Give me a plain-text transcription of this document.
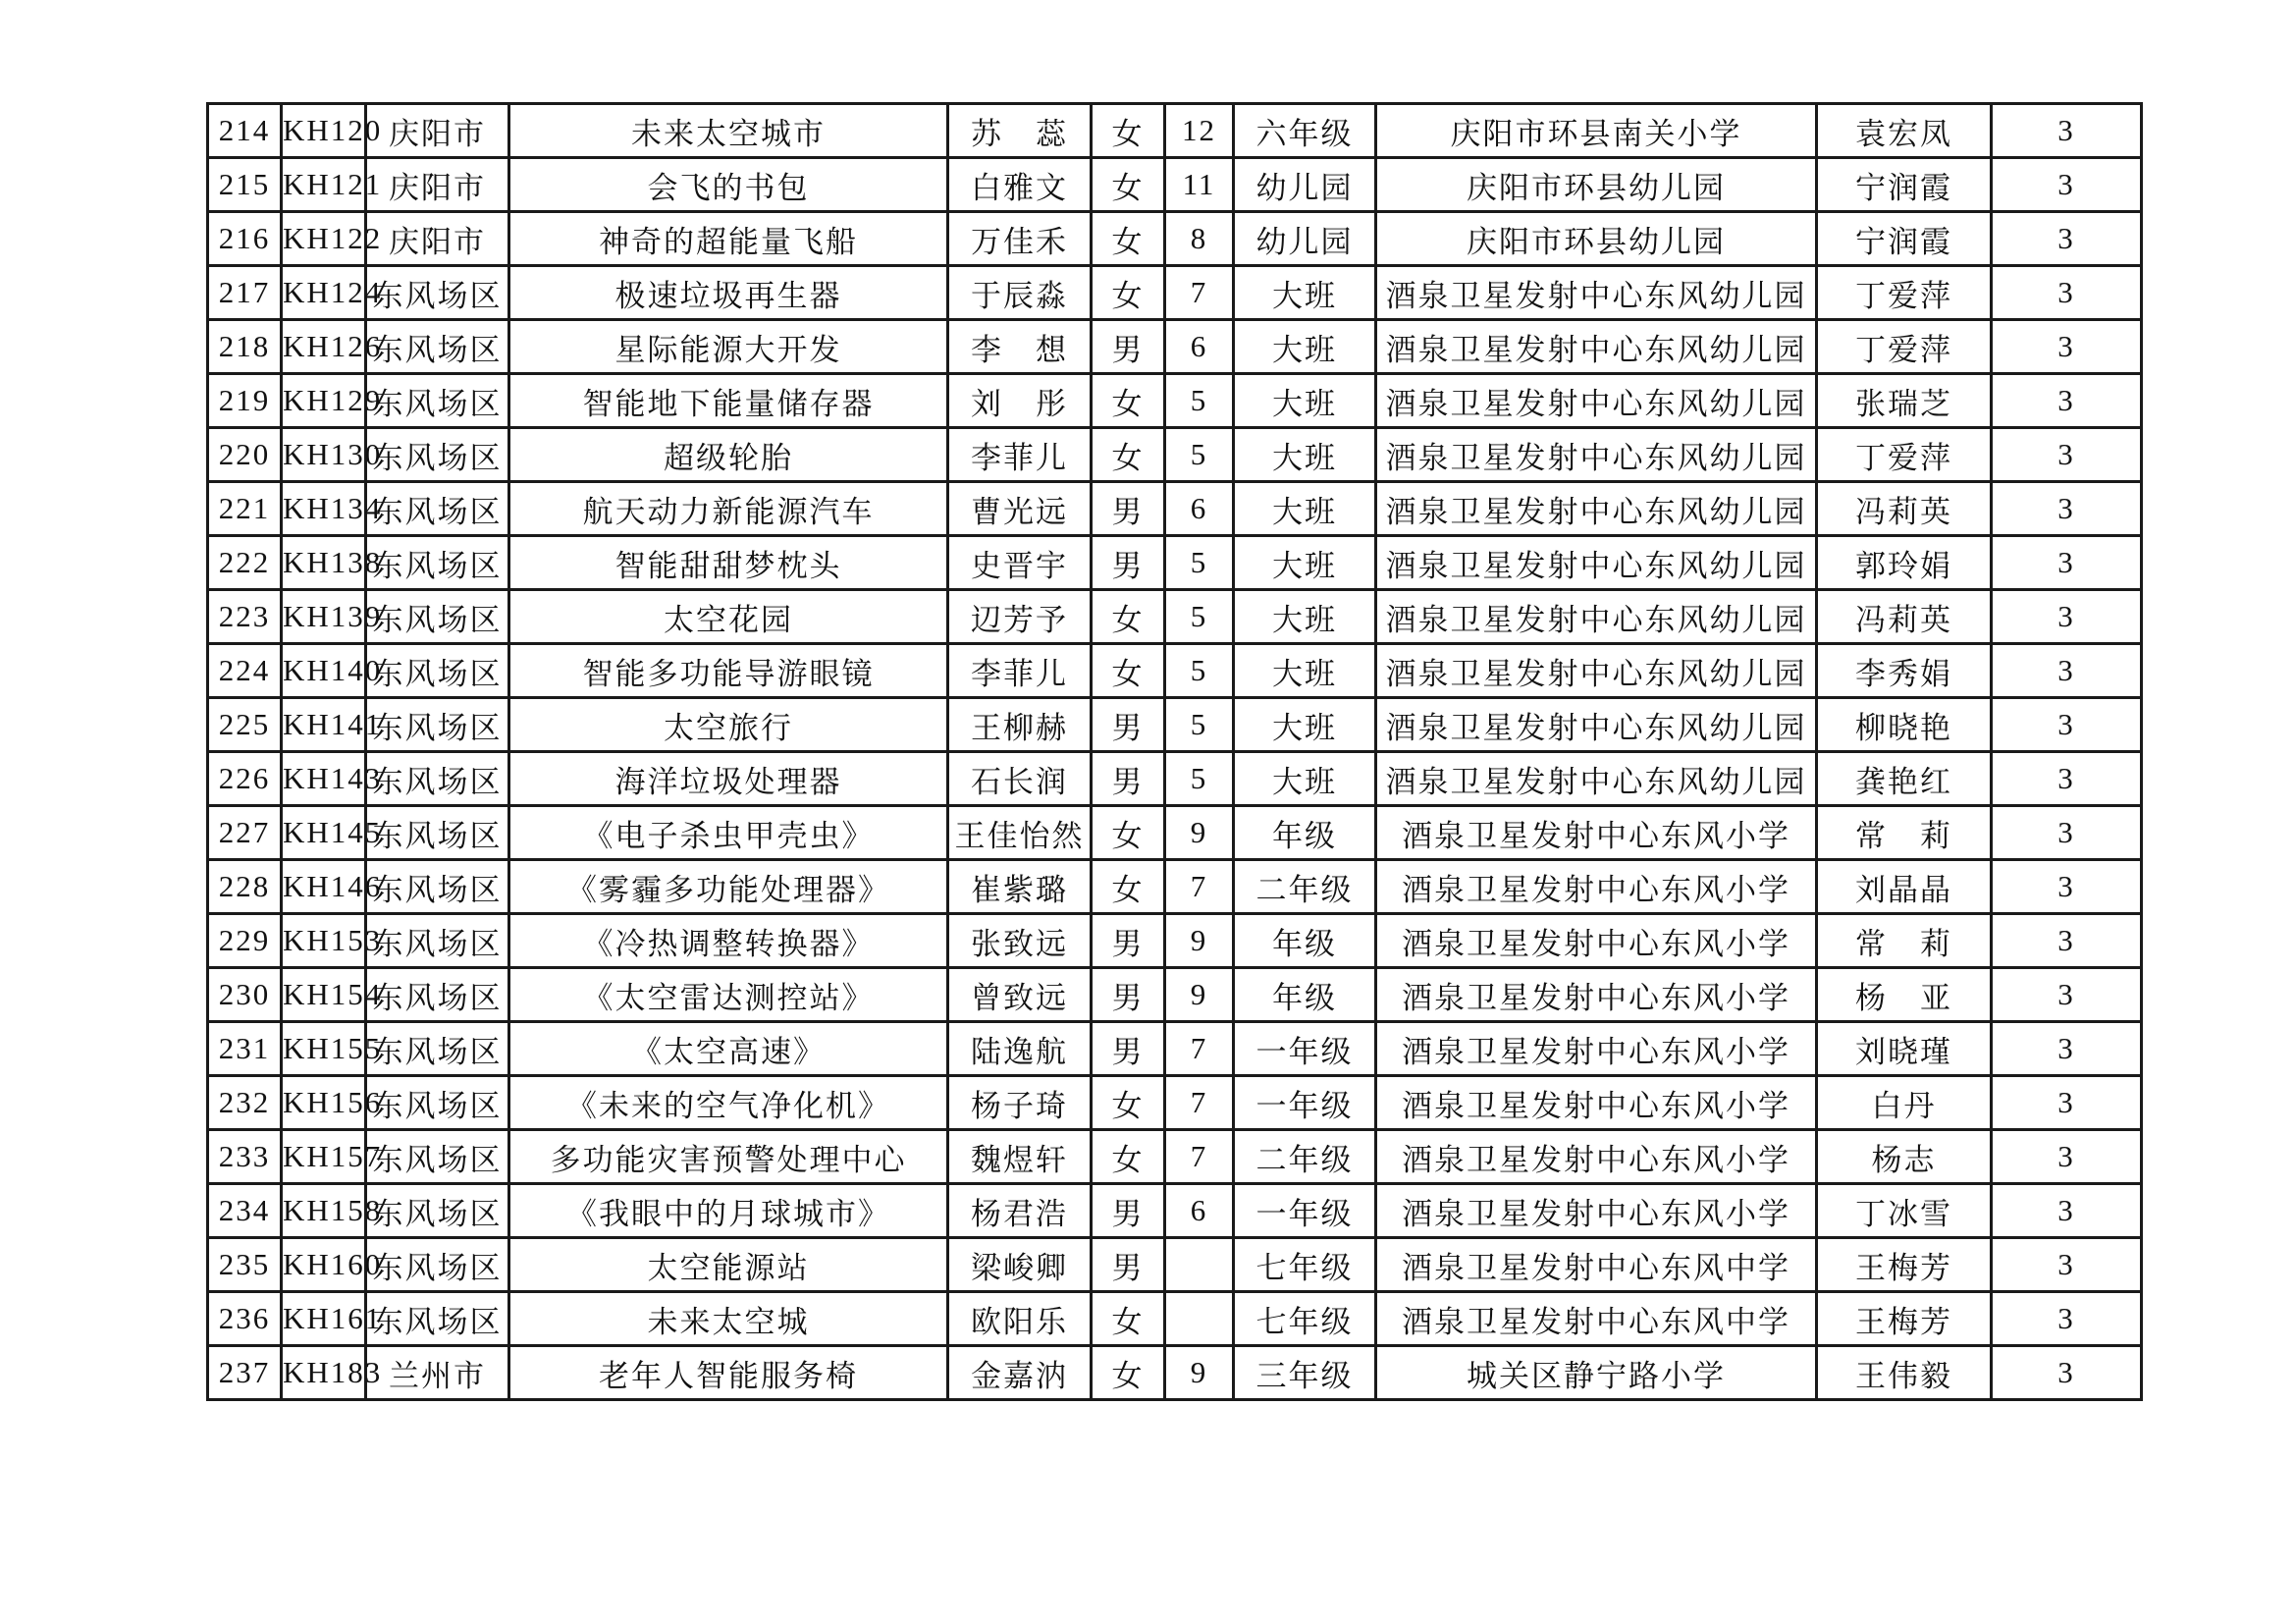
214	KH120	庆阳市	未来太空城市	苏　蕊	女	12	六年级	庆阳市环县南关小学	袁宏凤	3
215	KH121	庆阳市	会飞的书包	白雅文	女	11	幼儿园	庆阳市环县幼儿园	宁润霞	3
216	KH122	庆阳市	神奇的超能量飞船	万佳禾	女	8	幼儿园	庆阳市环县幼儿园	宁润霞	3
217	KH124	东风场区	极速垃圾再生器	于辰淼	女	7	大班	酒泉卫星发射中心东风幼儿园	丁爱萍	3
218	KH126	东风场区	星际能源大开发	李　想	男	6	大班	酒泉卫星发射中心东风幼儿园	丁爱萍	3
219	KH129	东风场区	智能地下能量储存器	刘　彤	女	5	大班	酒泉卫星发射中心东风幼儿园	张瑞芝	3
220	KH130	东风场区	超级轮胎	李菲儿	女	5	大班	酒泉卫星发射中心东风幼儿园	丁爱萍	3
221	KH134	东风场区	航天动力新能源汽车	曹光远	男	6	大班	酒泉卫星发射中心东风幼儿园	冯莉英	3
222	KH138	东风场区	智能甜甜梦枕头	史晋宇	男	5	大班	酒泉卫星发射中心东风幼儿园	郭玲娟	3
223	KH139	东风场区	太空花园	辺芳予	女	5	大班	酒泉卫星发射中心东风幼儿园	冯莉英	3
224	KH140	东风场区	智能多功能导游眼镜	李菲儿	女	5	大班	酒泉卫星发射中心东风幼儿园	李秀娟	3
225	KH141	东风场区	太空旅行	王柳赫	男	5	大班	酒泉卫星发射中心东风幼儿园	柳晓艳	3
226	KH143	东风场区	海洋垃圾处理器	石长润	男	5	大班	酒泉卫星发射中心东风幼儿园	龚艳红	3
227	KH145	东风场区	《电子杀虫甲壳虫》	王佳怡然	女	9	年级	酒泉卫星发射中心东风小学	常　莉	3
228	KH146	东风场区	《雾霾多功能处理器》	崔紫璐	女	7	二年级	酒泉卫星发射中心东风小学	刘晶晶	3
229	KH153	东风场区	《冷热调整转换器》	张致远	男	9	年级	酒泉卫星发射中心东风小学	常　莉	3
230	KH154	东风场区	《太空雷达测控站》	曾致远	男	9	年级	酒泉卫星发射中心东风小学	杨　亚	3
231	KH155	东风场区	《太空高速》	陆逸航	男	7	一年级	酒泉卫星发射中心东风小学	刘晓瑾	3
232	KH156	东风场区	《未来的空气净化机》	杨子琦	女	7	一年级	酒泉卫星发射中心东风小学	白丹	3
233	KH157	东风场区	多功能灾害预警处理中心	魏煜轩	女	7	二年级	酒泉卫星发射中心东风小学	杨志	3
234	KH158	东风场区	《我眼中的月球城市》	杨君浩	男	6	一年级	酒泉卫星发射中心东风小学	丁冰雪	3
235	KH160	东风场区	太空能源站	梁峻卿	男		七年级	酒泉卫星发射中心东风中学	王梅芳	3
236	KH161	东风场区	未来太空城	欧阳乐	女		七年级	酒泉卫星发射中心东风中学	王梅芳	3
237	KH183	兰州市	老年人智能服务椅	金嘉汭	女	9	三年级	城关区静宁路小学	王伟毅	3
